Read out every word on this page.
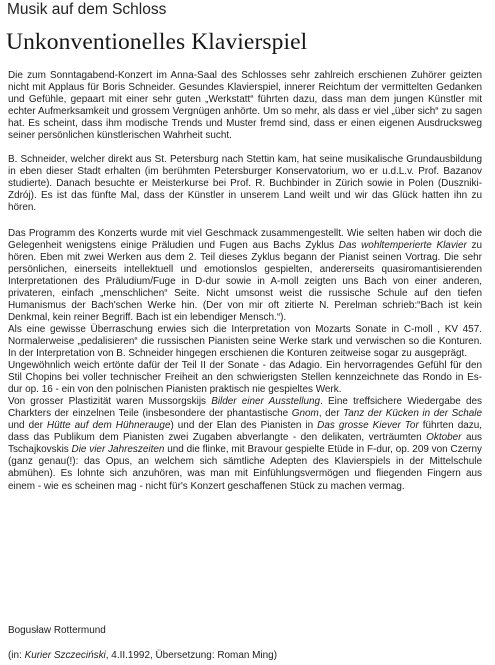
Musik auf dem Schloss
Unkonventionelles Klavierspiel

Die zum Sonntagabend-Konzert im Anna-Saal des Schlosses sehr zahlreich erschienen Zuhörer geizten nicht mit Applaus für Boris Schneider. Gesundes Klavierspiel, innerer Reichtum der vermittelten Gedanken und Gefühle, gepaart mit einer sehr guten „Werkstatt“ führten dazu, dass man dem jungen Künstler mit echter Aufmerksamkeit und grossem Vergnügen anhörte. Um so mehr, als dass er viel „über sich“ zu sagen hat. Es scheint, dass ihm modische Trends und Muster fremd sind, dass er einen eigenen Ausdrucksweg seiner persönlichen künstlerischen Wahrheit sucht.

B. Schneider, welcher direkt aus St. Petersburg nach Stettin kam, hat seine musikalische Grundausbildung in eben dieser Stadt erhalten (im berühmten Petersburger Konservatorium, wo er u.d.L.v. Prof. Bazanov studierte). Danach besuchte er Meisterkurse bei Prof. R. Buchbinder in Zürich sowie in Polen (Duszniki-Zdrój). Es ist das fünfte Mal, dass der Künstler in unserem Land weilt und wir das Glück hatten ihn zu hören.

Das Programm des Konzerts wurde mit viel Geschmack zusammengestellt. Wie selten haben wir doch die Gelegenheit wenigstens einige Präludien und Fugen aus Bachs Zyklus Das wohltemperierte Klavier zu hören. Eben mit zwei Werken aus dem 2. Teil dieses Zyklus begann der Pianist seinen Vortrag. Die sehr persönlichen, einerseits intellektuell und emotionslos gespielten, andererseits quasiromantisierenden Interpretationen des Präludium/Fuge in D-dur sowie in A-moll zeigten uns Bach von einer anderen, privateren, einfach „menschlichen“ Seite. Nicht umsonst weist die russische Schule auf den tiefen Humanismus der Bach'schen Werke hin. (Der von mir oft zitierte N. Perelman schrieb:“Bach ist kein Denkmal, kein reiner Begriff. Bach ist ein lebendiger Mensch.“).

Als eine gewisse Überraschung erwies sich die Interpretation von Mozarts Sonate in C-moll , KV 457. Normalerweise „pedalisieren“ die russischen Pianisten seine Werke stark und verwischen so die Konturen. In der Interpretation von B. Schneider hingegen erschienen die Konturen zeitweise sogar zu ausgeprägt.

Ungewöhnlich weich ertönte dafür der Teil II der Sonate - das Adagio. Ein hervorragendes Gefühl für den Stil Chopins bei voller technischer Freiheit an den schwierigsten Stellen kennzeichnete das Rondo in Es-dur op. 16 - ein von den polnischen Pianisten praktisch nie gespieltes Werk.

Von grosser Plastizität waren Mussorgskijs Bilder einer Ausstellung. Eine treffsichere Wiedergabe des Charkters der einzelnen Teile (insbesondere der phantastische Gnom, der Tanz der Kücken in der Schale und der Hütte auf dem Hühnerauge) und der Elan des Pianisten in Das grosse Kiever Tor führten dazu, dass das Publikum dem Pianisten zwei Zugaben abverlangte - den delikaten, verträumten Oktober aus Tschajkovskis Die vier Jahreszeiten und die flinke, mit Bravour gespielte Etüde in F-dur, op. 209 von Czerny (ganz genau(!): das Opus, an welchem sich sämtliche Adepten des Klavierspiels in der Mittelschule abmühen). Es lohnte sich anzuhören, was man mit Einfühlungsvermögen und fliegenden Fingern aus einem - wie es scheinen mag - nicht für's Konzert geschaffenen Stück zu machen vermag.

Bogusław Rottermund
(in: Kurier Szczeciński, 4.II.1992, Übersetzung: Roman Ming)
